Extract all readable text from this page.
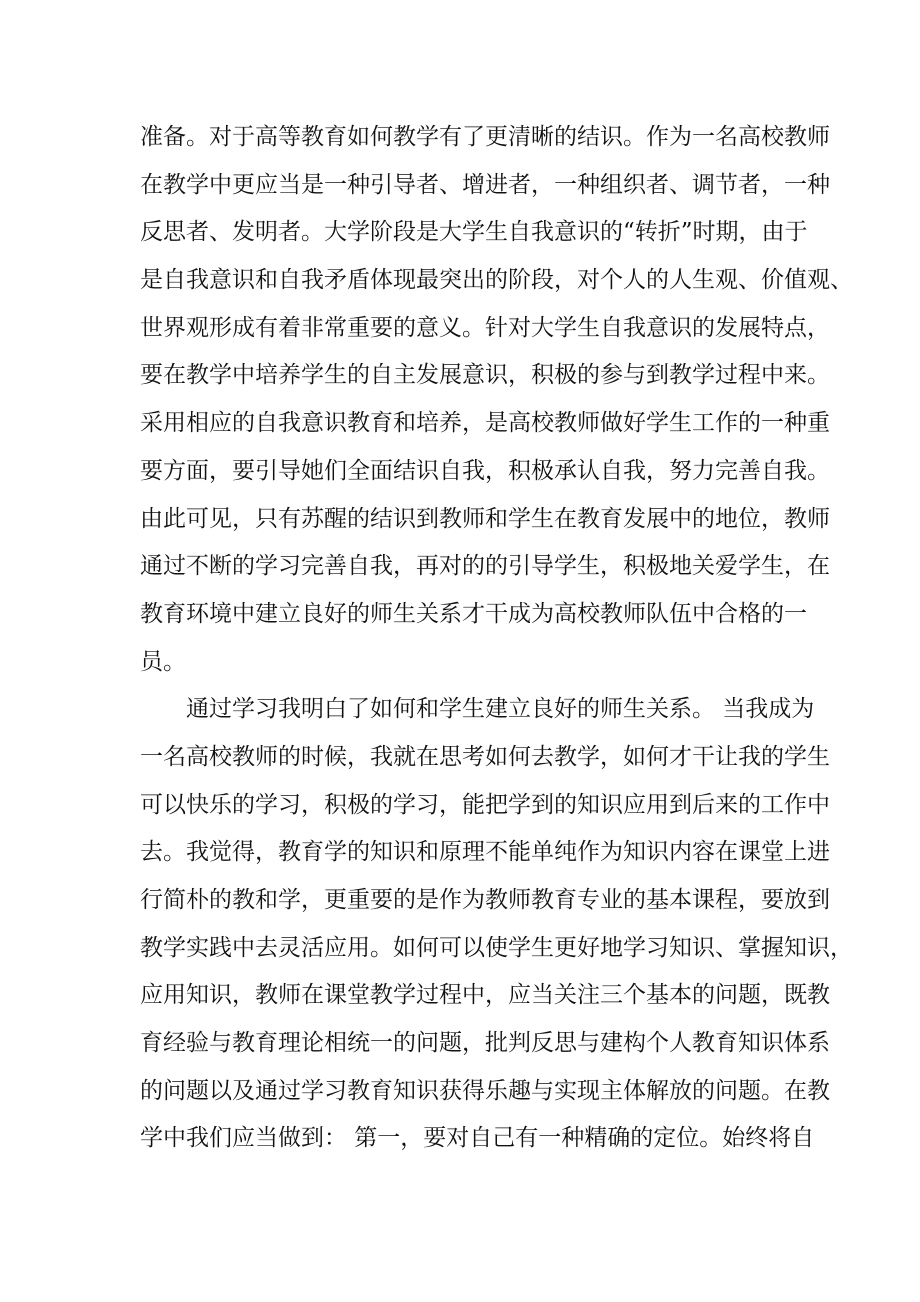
准备。对于高等教育如何教学有了更清晰的结识。作为一名高校教师
在教学中更应当是一种引导者、增进者，一种组织者、调节者，一种
反思者、发明者。大学阶段是大学生自我意识的“转折”时期，由于
是自我意识和自我矛盾体现最突出的阶段，对个人的人生观、价值观、
世界观形成有着非常重要的意义。针对大学生自我意识的发展特点，
要在教学中培养学生的自主发展意识，积极的参与到教学过程中来。
采用相应的自我意识教育和培养，是高校教师做好学生工作的一种重
要方面，要引导她们全面结识自我，积极承认自我，努力完善自我。
由此可见，只有苏醒的结识到教师和学生在教育发展中的地位，教师
通过不断的学习完善自我，再对的的引导学生，积极地关爱学生，在
教育环境中建立良好的师生关系才干成为高校教师队伍中合格的一
员。
通过学习我明白了如何和学生建立良好的师生关系。 当我成为
一名高校教师的时候，我就在思考如何去教学，如何才干让我的学生
可以快乐的学习，积极的学习，能把学到的知识应用到后来的工作中
去。我觉得，教育学的知识和原理不能单纯作为知识内容在课堂上进
行简朴的教和学，更重要的是作为教师教育专业的基本课程，要放到
教学实践中去灵活应用。如何可以使学生更好地学习知识、掌握知识，
应用知识，教师在课堂教学过程中，应当关注三个基本的问题，既教
育经验与教育理论相统一的问题，批判反思与建构个人教育知识体系
的问题以及通过学习教育知识获得乐趣与实现主体解放的问题。在教
学中我们应当做到： 第一，要对自己有一种精确的定位。始终将自
